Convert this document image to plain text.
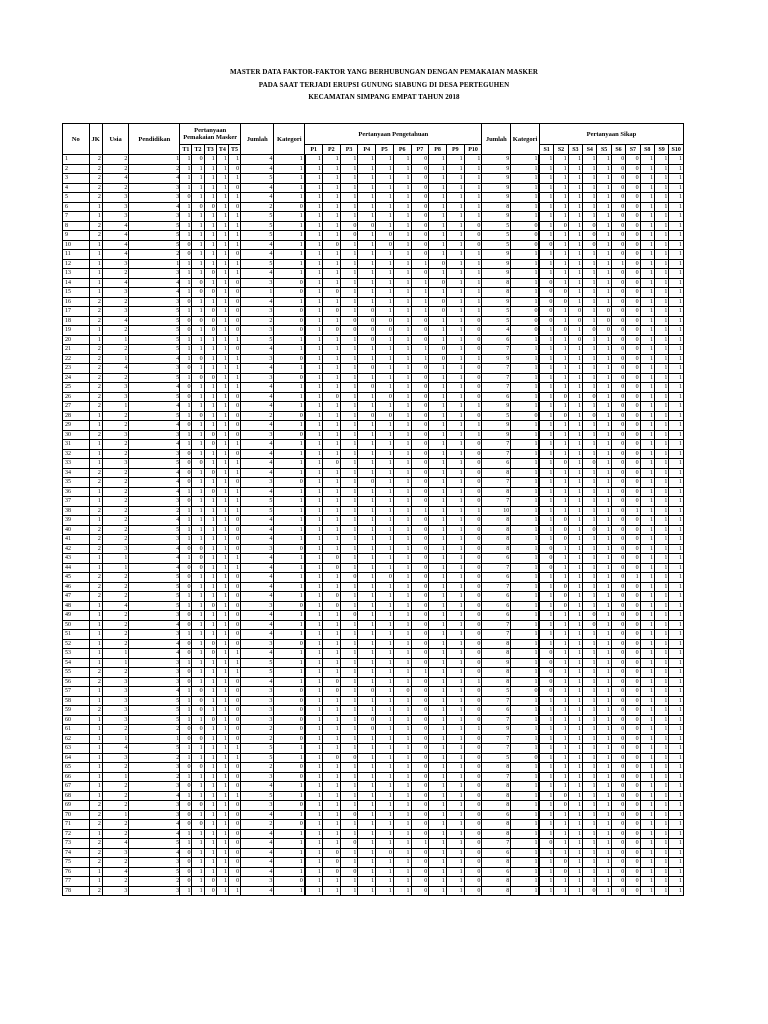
MASTER DATA FAKTOR-FAKTOR YANG BERHUBUNGAN DENGAN PEMAKAIAN MASKER
PADA SAAT TERJADI ERUPSI GUNUNG SIABUNG DI DESA PERTEGUHEN
KECAMATAN SIMPANG EMPAT TAHUN 2018
No	JK	Usia	Pendidikan	Pertanyaan Pemakaian Masker					Jumlah	Kategori	Pertanyaan Pengetahuan										Jumlah	Kategori	Pertanyaan Sikap									
				T1	T2	T3	T4	T5			P1	P2	P3	P4	P5	P6	P7	P8	P9	P10			S1	S2	S3	S4	S5	S6	S7	S8	S9	S10
1	2	2	1	1	0	1	1	1	4	1	1	1	1	1	1	1	0	1	1	1	9	1	1	1	1	1	1	0	0	1	1	1
2	2	2	2	1	1	1	1	0	4	1	1	1	1	1	1	1	0	1	1	1	9	1	1	1	1	1	1	0	0	1	1	1
3	2	4	4	1	1	1	1	1	5	1	1	1	1	1	1	1	0	1	1	1	9	1	1	1	1	1	1	0	0	1	1	1
4	2	2	3	1	1	1	1	0	4	1	1	1	1	1	1	1	0	1	1	1	9	1	1	1	1	1	1	0	0	1	1	1
5	2	3	3	0	1	1	1	1	4	1	1	1	1	1	1	1	0	1	1	1	9	1	1	1	1	1	1	0	0	1	1	1
6	1	3	4	1	0	0	1	0	2	0	1	1	1	1	1	1	0	1	1	1	8	1	1	1	1	1	1	0	0	1	1	1
7	1	3	3	1	1	1	1	1	5	1	1	1	1	1	1	1	0	1	1	1	9	1	1	1	1	1	1	0	0	1	1	1
8	2	4	5	1	1	1	1	1	5	1	1	1	0	0	1	1	0	1	1	0	5	0	1	0	1	0	1	0	0	1	1	1
9	2	4	5	1	1	1	1	1	5	1	1	1	0	1	0	1	0	1	1	0	5	0	1	1	1	0	1	0	0	1	1	1
10	1	4	5	0	1	1	1	1	4	1	1	0	1	1	0	1	0	1	1	0	5	0	0	1	1	0	1	0	0	1	1	1
11	1	4	2	0	1	1	1	0	4	1	1	1	1	1	1	1	0	1	1	1	9	1	1	1	1	1	1	0	0	1	1	1
12	1	3	1	1	1	1	1	1	5	1	1	1	1	1	1	1	1	0	1	1	9	1	1	1	1	1	1	1	0	1	1	1
13	1	2	3	1	1	0	1	1	4	1	1	1	1	1	1	1	0	1	1	1	9	1	1	1	1	1	1	0	0	1	1	1
14	1	4	4	1	0	1	1	0	3	0	1	1	1	1	1	1	1	0	1	1	8	1	0	1	1	1	1	0	0	1	1	1
15	1	3	4	1	0	0	1	0	1	0	1	0	1	1	1	1	1	1	1	1	8	1	0	0	1	1	1	0	0	1	1	1
16	2	2	3	0	1	1	1	0	4	1	1	1	1	1	1	1	1	0	1	1	9	1	0	0	1	1	1	0	0	1	1	1
17	2	3	5	1	1	0	1	0	3	0	1	0	1	0	1	1	1	0	1	1	5	0	0	1	0	1	0	0	0	1	1	1
18	2	4	5	0	0	0	1	0	2	0	1	1	0	0	0	1	0	1	1	0	5	0	0	1	0	1	0	0	0	1	1	1
19	1	2	5	0	1	0	1	0	3	0	1	0	0	0	0	1	0	1	1	0	4	0	1	0	1	0	0	0	0	1	1	1
20	1	1	5	1	1	1	1	1	5	1	1	1	1	0	1	1	0	1	1	0	6	1	1	1	0	1	1	0	0	1	1	1
21	2	2	5	1	1	1	1	0	4	1	1	1	1	1	1	1	1	0	1	0	7	1	1	1	1	1	1	0	0	1	1	1
22	2	1	4	1	0	1	1	1	3	0	1	1	1	1	1	1	1	0	1	1	9	1	1	1	1	1	1	0	0	1	1	1
23	2	4	3	0	1	1	1	1	4	1	1	1	1	0	1	1	0	1	1	0	7	1	1	1	1	1	1	0	0	1	1	1
24	2	2	5	1	0	0	1	1	3	0	1	1	1	1	1	1	0	1	1	0	7	1	1	1	1	1	1	0	0	1	1	1
25	2	3	4	0	1	1	1	1	4	1	1	1	1	0	1	1	0	1	1	0	7	1	1	1	1	1	1	0	0	1	1	1
26	2	3	5	0	1	1	1	0	4	1	1	0	1	1	0	1	0	1	1	0	6	1	1	0	1	0	1	0	0	1	1	1
27	2	1	4	1	1	1	1	0	4	1	1	1	1	1	1	1	0	1	1	1	9	1	1	1	1	1	1	0	0	1	1	1
28	1	2	5	1	0	1	1	0	2	0	1	1	1	0	0	1	0	1	1	0	5	0	1	0	1	0	1	0	0	1	1	1
29	1	2	4	0	1	1	1	0	4	1	1	1	1	1	1	1	0	1	1	1	9	1	1	1	1	1	1	0	0	1	1	1
30	2	3	3	1	1	0	1	0	3	0	1	1	1	1	1	1	0	1	1	1	9	1	1	1	1	1	1	0	0	1	1	1
31	1	2	4	1	1	0	1	1	4	1	1	1	1	1	1	1	0	1	1	0	7	1	1	1	1	1	1	0	0	1	1	1
32	1	2	3	0	1	1	1	0	4	1	1	1	1	1	1	1	0	1	1	0	7	1	1	1	1	1	1	0	0	1	1	1
33	1	3	5	0	0	1	1	1	4	1	1	0	1	1	1	1	0	1	1	0	6	1	1	0	1	0	1	0	0	1	1	1
34	2	2	4	0	1	0	1	1	4	1	1	1	1	1	1	1	0	1	1	0	8	1	1	1	1	1	1	0	0	1	1	1
35	2	2	4	0	1	1	1	0	3	0	1	1	1	0	1	1	0	1	1	0	7	1	1	1	1	1	1	0	0	1	1	1
36	1	2	4	1	1	0	1	1	4	1	1	1	1	1	1	1	0	1	1	0	8	1	1	1	1	1	1	0	0	1	1	1
37	1	2	3	0	1	1	1	1	5	1	1	1	1	1	1	1	0	1	1	0	7	1	1	1	1	1	1	0	0	1	1	1
38	2	2	2	1	1	1	1	1	5	1	1	1	1	1	1	1	1	1	1	1	10	1	1	1	1	1	1	0	1	1	1	1
39	1	2	4	1	1	1	1	0	4	1	1	1	1	1	1	1	0	1	1	0	8	1	1	0	1	1	1	0	0	1	1	1
40	2	2	5	1	1	1	1	0	4	1	1	1	1	1	1	1	0	1	1	0	8	1	1	0	1	0	1	0	0	1	1	1
41	2	2	3	1	1	1	1	0	4	1	1	1	1	1	1	1	0	1	1	0	8	1	1	0	1	1	1	0	0	1	1	1
42	2	3	4	0	0	1	1	0	3	0	1	1	1	1	1	1	0	1	1	0	8	1	0	1	1	1	1	0	0	1	1	1
43	1	1	4	1	0	1	1	1	4	1	1	0	1	1	1	1	0	1	1	0	6	1	0	1	1	1	1	0	0	1	1	1
44	1	1	4	0	0	1	1	1	4	1	1	0	1	1	1	1	0	1	1	0	7	1	0	1	1	1	1	0	0	1	1	1
45	2	2	5	0	1	1	1	0	4	1	1	1	0	1	0	1	0	1	1	0	6	1	1	1	1	1	1	0	1	1	1	1
46	2	2	5	0	1	1	1	0	4	1	1	1	1	1	1	1	0	1	1	0	7	1	1	0	1	1	1	0	0	1	1	1
47	2	2	5	1	1	1	1	0	4	1	1	0	1	1	1	1	0	1	1	0	6	1	1	0	1	1	1	0	0	1	1	1
48	1	4	5	1	1	0	1	0	3	0	1	0	1	1	1	1	0	1	1	0	6	1	1	0	1	1	1	0	0	1	1	1
49	1	2	3	0	1	1	1	0	4	1	1	1	0	1	1	1	0	1	1	0	6	1	1	1	1	0	1	0	0	1	1	1
50	1	2	4	0	1	1	1	0	4	1	1	1	1	1	1	1	0	1	1	0	7	1	1	1	1	0	1	0	0	1	1	1
51	1	2	3	1	1	1	1	0	4	1	1	1	1	1	1	1	0	1	1	0	7	1	1	1	1	1	1	0	0	1	1	1
52	1	2	4	0	1	0	1	0	3	0	1	1	1	1	1	1	0	1	1	0	8	1	1	1	1	1	1	0	0	1	1	1
53	1	1	4	0	1	0	1	1	4	1	1	1	1	1	1	1	0	1	1	0	8	1	0	1	1	1	1	0	0	1	1	1
54	1	1	3	1	1	1	1	1	5	1	1	1	1	1	1	1	0	1	1	0	9	1	0	1	1	1	1	0	0	1	1	1
55	2	2	3	0	1	1	1	1	5	1	1	1	1	1	1	1	1	1	1	0	8	1	0	1	1	1	1	0	0	1	1	1
56	2	3	3	0	1	1	1	0	4	1	1	0	1	1	1	1	0	1	1	1	8	1	0	1	1	1	1	0	0	1	1	1
57	1	3	4	1	0	1	1	0	3	0	1	0	1	0	1	0	0	1	1	0	5	0	0	1	1	1	1	0	0	1	1	1
58	1	3	5	1	0	1	1	0	3	0	1	1	1	1	1	1	0	1	1	0	7	1	1	1	1	1	1	0	0	1	1	1
59	2	3	5	1	0	1	1	0	3	0	1	1	1	1	1	1	0	1	1	0	6	1	1	1	1	1	1	0	0	1	1	1
60	1	3	5	1	1	0	1	0	3	0	1	1	1	0	1	1	0	1	1	0	7	1	1	1	1	1	1	0	0	1	1	1
61	1	2	2	0	0	1	1	0	2	0	1	1	1	0	1	1	0	1	1	1	9	1	1	1	1	1	1	0	0	1	1	1
62	1	1	1	0	0	1	1	0	2	0	1	1	1	1	1	1	0	1	1	0	7	1	1	1	1	1	1	0	0	1	1	1
63	1	4	5	1	1	1	1	1	5	1	1	1	1	1	1	1	0	1	1	0	7	1	1	1	1	1	1	0	0	1	1	1
64	1	3	2	1	1	1	1	1	5	1	1	0	0	1	1	1	0	1	1	0	5	0	1	1	1	1	1	0	0	1	1	1
65	1	2	3	0	0	1	1	0	2	0	1	1	1	1	1	1	0	1	1	0	8	1	1	1	1	1	1	0	0	1	1	1
66	1	1	2	1	1	1	1	0	3	0	1	1	1	1	1	1	0	1	1	0	7	1	1	1	1	1	1	0	0	1	1	1
67	1	2	3	0	1	1	1	0	4	1	1	1	1	1	1	1	0	1	1	0	8	1	1	1	1	1	1	0	0	1	1	1
68	1	2	4	1	1	1	1	1	5	1	1	1	1	1	1	1	0	1	1	0	8	1	1	0	1	1	1	0	0	1	1	1
69	2	2	3	0	0	1	1	0	3	0	1	1	1	1	1	1	0	1	1	0	8	1	1	0	1	1	1	0	0	1	1	1
70	2	1	3	0	1	1	1	0	4	1	1	1	0	1	1	1	0	1	1	0	6	1	1	1	1	1	1	0	0	1	1	1
71	2	2	4	0	0	1	1	0	2	0	1	1	1	1	1	1	0	1	1	0	8	1	1	1	1	1	1	0	0	1	1	1
72	1	2	4	1	1	1	1	0	4	1	1	1	1	1	1	1	0	1	1	0	8	1	1	1	1	1	1	0	0	1	1	1
73	2	4	5	1	1	1	1	0	4	1	1	1	0	1	1	1	1	1	1	0	7	1	0	1	1	1	1	0	0	1	1	1
74	2	3	4	0	1	1	1	0	4	1	1	0	1	1	0	1	0	1	1	0	6	1	1	1	1	1	1	0	0	1	1	1
75	2	2	3	0	1	1	1	0	4	1	1	0	1	1	1	1	0	1	1	0	8	1	1	0	1	1	1	0	0	1	1	1
76	1	4	5	0	1	1	1	0	4	1	1	0	0	1	1	1	0	1	1	0	6	1	1	0	1	1	1	0	0	1	1	1
77	1	2	2	0	1	0	1	0	3	0	1	1	1	1	1	1	0	1	1	0	8	1	1	1	1	1	1	0	0	1	1	1
78	2	3	3	1	1	0	1	1	4	1	1	1	1	1	1	1	0	1	1	0	8	1	1	1	1	0	1	0	0	1	1	1
